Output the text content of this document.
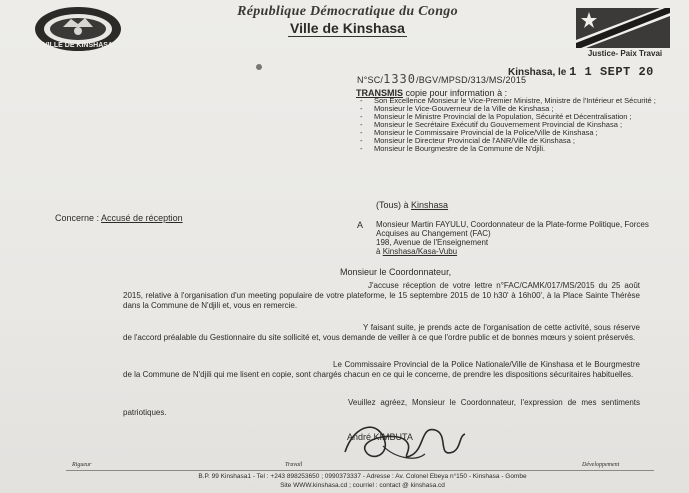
VILLE DE KINSHASA
République Démocratique du Congo
Ville de Kinshasa
Justice- Paix Travai
N°SC/1330/BGV/MPSD/313/MS/2015
Kinshasa, le 1 1 SEPT 20
TRANSMIS copie pour information à :
- Son Excellence Monsieur le Vice-Premier Ministre, Ministre de l'Intérieur et Sécurité ;
- Monsieur le Vice-Gouverneur de la Ville de Kinshasa ;
- Monsieur le Ministre Provincial de la Population, Sécurité et Décentralisation ;
- Monsieur le Secrétaire Exécutif du Gouvernement Provincial de Kinshasa ;
- Monsieur le Commissaire Provincial de la Police/Ville de Kinshasa ;
- Monsieur le Directeur Provincial de l'ANR/Ville de Kinshasa ;
- Monsieur le Bourgmestre de la Commune de N'djili.
(Tous) à Kinshasa
Concerne : Accusé de réception
A Monsieur Martin FAYULU, Coordonnateur de la Plate-forme Politique, Forces Acquises au Changement (FAC)
198, Avenue de l'Enseignement
à Kinshasa/Kasa-Vubu
Monsieur le Coordonnateur,
J'accuse réception de votre lettre n°FAC/CAMK/017/MS/2015 du 25 août 2015, relative à l'organisation d'un meeting populaire de votre plateforme, le 15 septembre 2015 de 10 h30' à 16h00', à la Place Sainte Thérèse dans la Commune de N'djili et, vous en remercie.
Y faisant suite, je prends acte de l'organisation de cette activité, sous réserve de l'accord préalable du Gestionnaire du site sollicité et, vous demande de veiller à ce que l'ordre public et de bonnes mœurs y soient préservés.
Le Commissaire Provincial de la Police Nationale/Ville de Kinshasa et le Bourgmestre de la Commune de N'djili qui me lisent en copie, sont chargés chacun en ce qui le concerne, de prendre les dispositions sécuritaires habituelles.
Veuillez agréez, Monsieur le Coordonnateur, l'expression de mes sentiments patriotiques.
André KIMBUTA
Rigueur	Travail	Développement
B.P. 99 Kinshasa1 - Tel : +243 898253650 ; 0990373337 - Adresse : Av. Colonel Ebeya n°150 - Kinshasa - Gombe
Site WWW.kinshasa.cd ; courriel : contact @ kinshasa.cd
